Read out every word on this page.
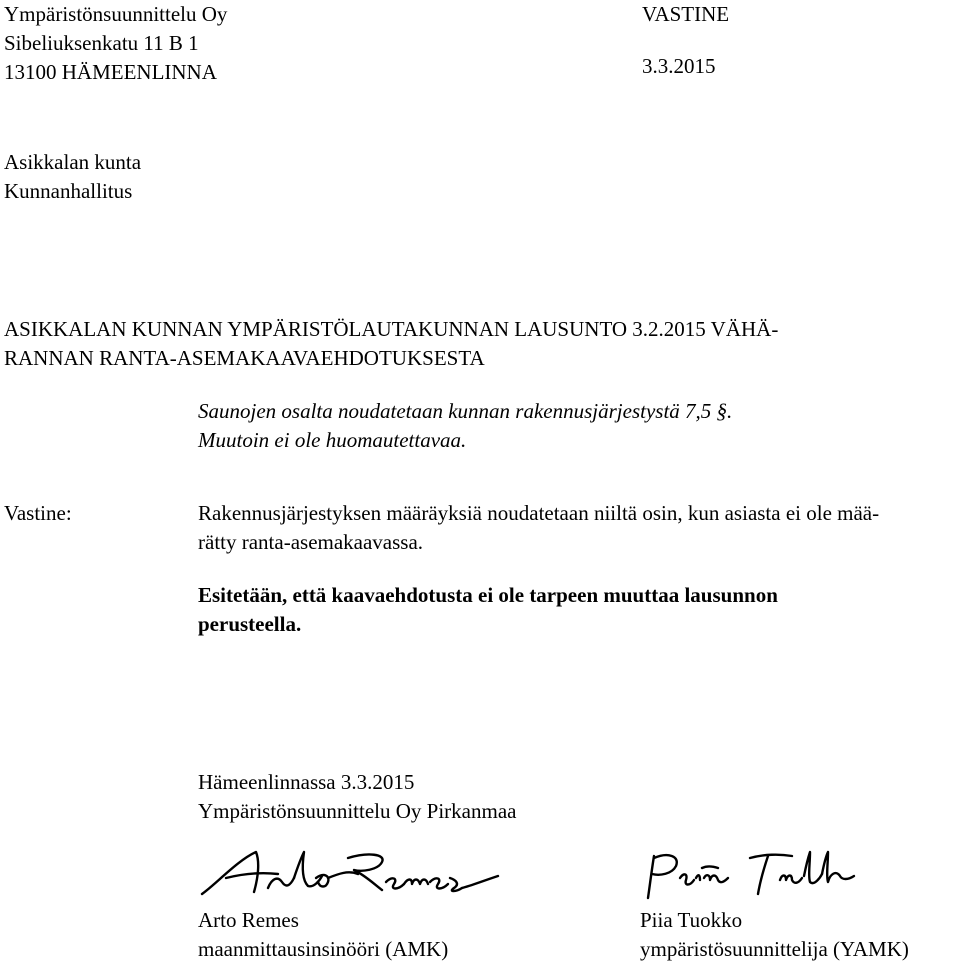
Ympäristönsuunnittelu Oy
Sibeliuksenkatu 11 B 1
13100 HÄMEENLINNA
VASTINE
3.3.2015
Asikkalan kunta
Kunnanhallitus
ASIKKALAN KUNNAN YMPÄRISTÖLAUTAKUNNAN LAUSUNTO 3.2.2015 VÄHÄ-
RANNAN RANTA-ASEMAKAAVAEHDOTUKSESTA
Saunojen osalta noudatetaan kunnan rakennusjärjestystä 7,5 §.
Muutoin ei ole huomautettavaa.
Vastine:	Rakennusjärjestyksen määräyksiä noudatetaan niiltä osin, kun asiasta ei ole mää-
rätty ranta-asemakaavassa.
Esitetään, että kaavaehdotusta ei ole tarpeen muuttaa lausunnon
perusteella.
Hämeenlinnassa 3.3.2015
Ympäristönsuunnittelu Oy Pirkanmaa
Arto Remes
maanmittausinsinööri (AMK)
Piia Tuokko
ympäristösuunnittelija (YAMK)
